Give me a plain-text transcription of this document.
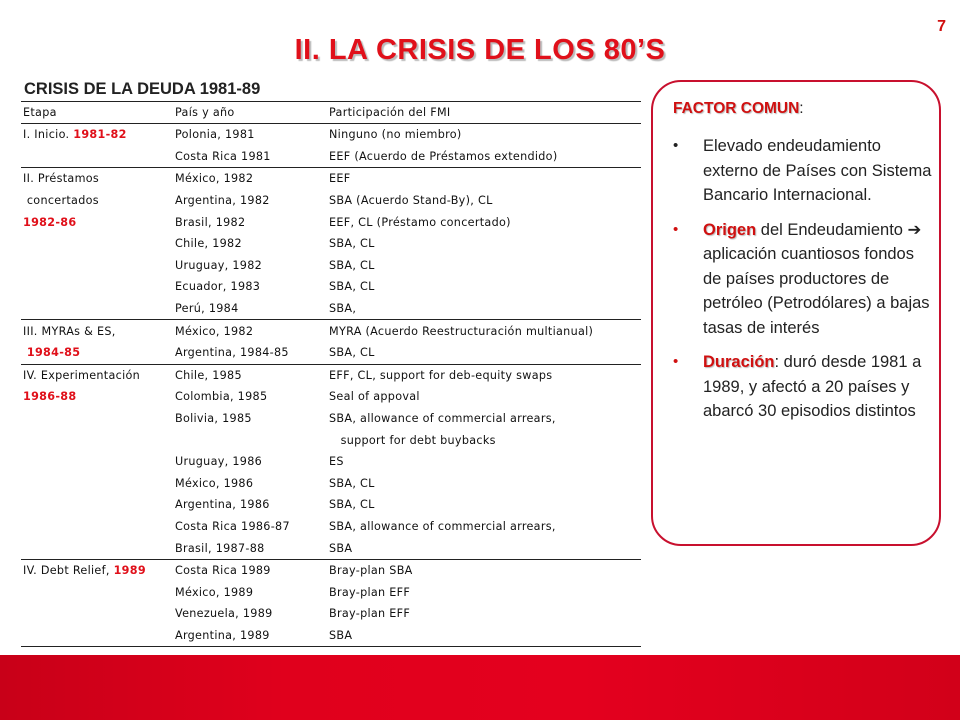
7
II. LA CRISIS DE LOS 80’S
CRISIS DE LA DEUDA 1981-89
Etapa	País y año	Participación del FMI
I. Inicio. 1981-82	Polonia, 1981	Ninguno (no miembro)
	Costa Rica 1981	EEF (Acuerdo de Préstamos extendido)
II. Préstamos	México, 1982	EEF
concertados	Argentina, 1982	SBA (Acuerdo Stand-By), CL
1982-86	Brasil, 1982	EEF, CL (Préstamo concertado)
	Chile, 1982	SBA, CL
	Uruguay, 1982	SBA, CL
	Ecuador, 1983	SBA, CL
	Perú, 1984	SBA,
III. MYRAs & ES,	México, 1982	MYRA (Acuerdo Reestructuración multianual)
1984-85	Argentina, 1984-85	SBA, CL
IV. Experimentación	Chile, 1985	EFF, CL, support for deb-equity swaps
1986-88	Colombia, 1985	Seal of appoval
	Bolivia, 1985	SBA, allowance of commercial arrears,
		support for debt buybacks
	Uruguay, 1986	ES
	México, 1986	SBA, CL
	Argentina, 1986	SBA, CL
	Costa Rica 1986-87	SBA, allowance of commercial arrears,
	Brasil, 1987-88	SBA
IV. Debt Relief, 1989	Costa Rica 1989	Bray-plan SBA
	México, 1989	Bray-plan EFF
	Venezuela, 1989	Bray-plan EFF
	Argentina, 1989	SBA
FACTOR COMUN:
• Elevado endeudamiento externo de Países con Sistema Bancario Internacional.
• Origen del Endeudamiento ➔ aplicación cuantiosos fondos de países productores de petróleo (Petrodólares) a bajas tasas de interés
• Duración: duró desde 1981 a 1989, y afectó a 20 países y abarcó 30 episodios distintos
